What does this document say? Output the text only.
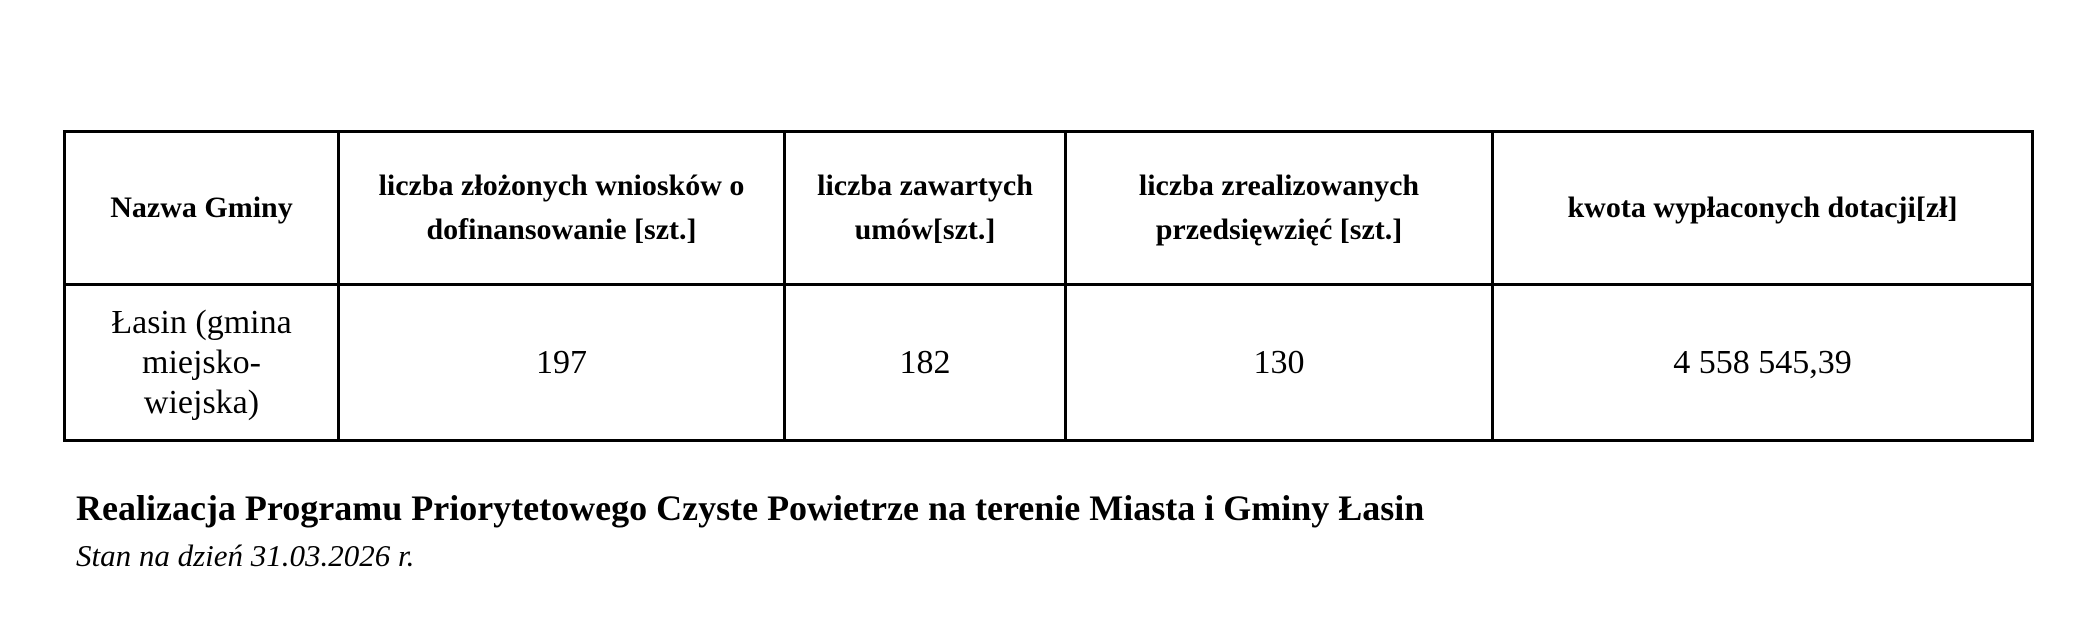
Nazwa Gminy	liczba złożonych wniosków o dofinansowanie [szt.]	liczba zawartych umów[szt.]	liczba zrealizowanych przedsięwzięć [szt.]	kwota wypłaconych dotacji[zł]

Łasin (gmina
miejsko-
wiejska)	197	182	130	4 558 545,39
Realizacja Programu Priorytetowego Czyste Powietrze na terenie Miasta i Gminy Łasin
Stan na dzień 31.03.2026 r.
